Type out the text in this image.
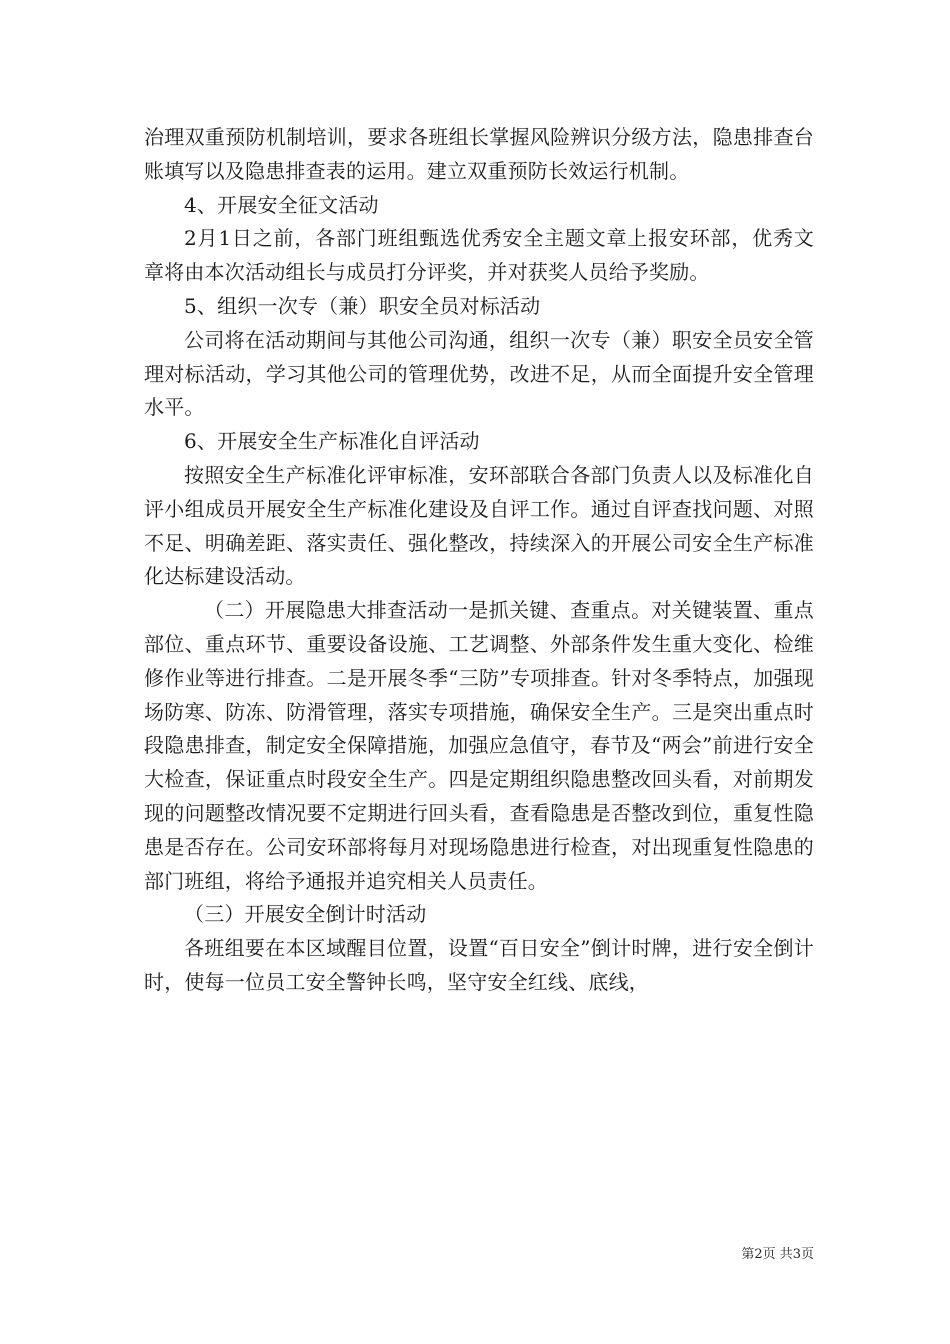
治理双重预防机制培训，要求各班组长掌握风险辨识分级方法，隐患排查台账填写以及隐患排查表的运用。建立双重预防长效运行机制。

4、开展安全征文活动

2月1日之前，各部门班组甄选优秀安全主题文章上报安环部，优秀文章将由本次活动组长与成员打分评奖，并对获奖人员给予奖励。

5、组织一次专（兼）职安全员对标活动

公司将在活动期间与其他公司沟通，组织一次专（兼）职安全员安全管理对标活动，学习其他公司的管理优势，改进不足，从而全面提升安全管理水平。

6、开展安全生产标准化自评活动

按照安全生产标准化评审标准，安环部联合各部门负责人以及标准化自评小组成员开展安全生产标准化建设及自评工作。通过自评查找问题、对照不足、明确差距、落实责任、强化整改，持续深入的开展公司安全生产标准化达标建设活动。

（二）开展隐患大排查活动一是抓关键、查重点。对关键装置、重点部位、重点环节、重要设备设施、工艺调整、外部条件发生重大变化、检维修作业等进行排查。二是开展冬季“三防”专项排查。针对冬季特点，加强现场防寒、防冻、防滑管理，落实专项措施，确保安全生产。三是突出重点时段隐患排查，制定安全保障措施，加强应急值守，春节及“两会”前进行安全大检查，保证重点时段安全生产。四是定期组织隐患整改回头看，对前期发现的问题整改情况要不定期进行回头看，查看隐患是否整改到位，重复性隐患是否存在。公司安环部将每月对现场隐患进行检查，对出现重复性隐患的部门班组，将给予通报并追究相关人员责任。

（三）开展安全倒计时活动

各班组要在本区域醒目位置，设置“百日安全”倒计时牌，进行安全倒计时，使每一位员工安全警钟长鸣，坚守安全红线、底线，

第2页 共3页
